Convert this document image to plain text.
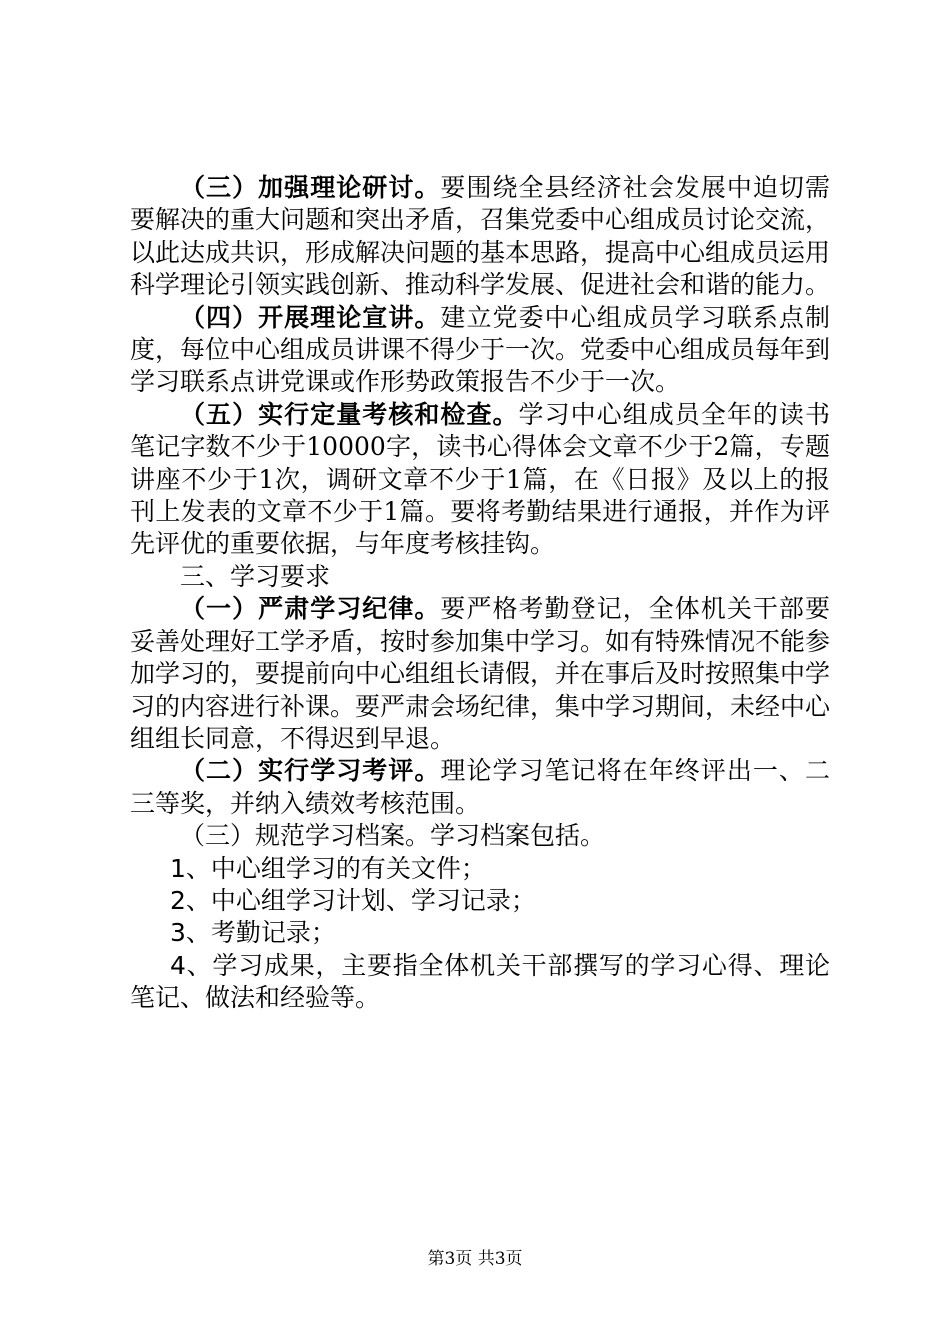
（三）加强理论研讨。要围绕全县经济社会发展中迫切需要解决的重大问题和突出矛盾，召集党委中心组成员讨论交流，以此达成共识，形成解决问题的基本思路，提高中心组成员运用科学理论引领实践创新、推动科学发展、促进社会和谐的能力。

（四）开展理论宣讲。建立党委中心组成员学习联系点制度，每位中心组成员讲课不得少于一次。党委中心组成员每年到学习联系点讲党课或作形势政策报告不少于一次。

（五）实行定量考核和检查。学习中心组成员全年的读书笔记字数不少于10000字，读书心得体会文章不少于2篇，专题讲座不少于1次，调研文章不少于1篇，在《日报》及以上的报刊上发表的文章不少于1篇。要将考勤结果进行通报，并作为评先评优的重要依据，与年度考核挂钩。

三、学习要求

（一）严肃学习纪律。要严格考勤登记，全体机关干部要妥善处理好工学矛盾，按时参加集中学习。如有特殊情况不能参加学习的，要提前向中心组组长请假，并在事后及时按照集中学习的内容进行补课。要严肃会场纪律，集中学习期间，未经中心组组长同意，不得迟到早退。

（二）实行学习考评。理论学习笔记将在年终评出一、二三等奖，并纳入绩效考核范围。

（三）规范学习档案。学习档案包括。

1、中心组学习的有关文件；

2、中心组学习计划、学习记录；

3、考勤记录；

4、学习成果，主要指全体机关干部撰写的学习心得、理论笔记、做法和经验等。

第3页 共3页
